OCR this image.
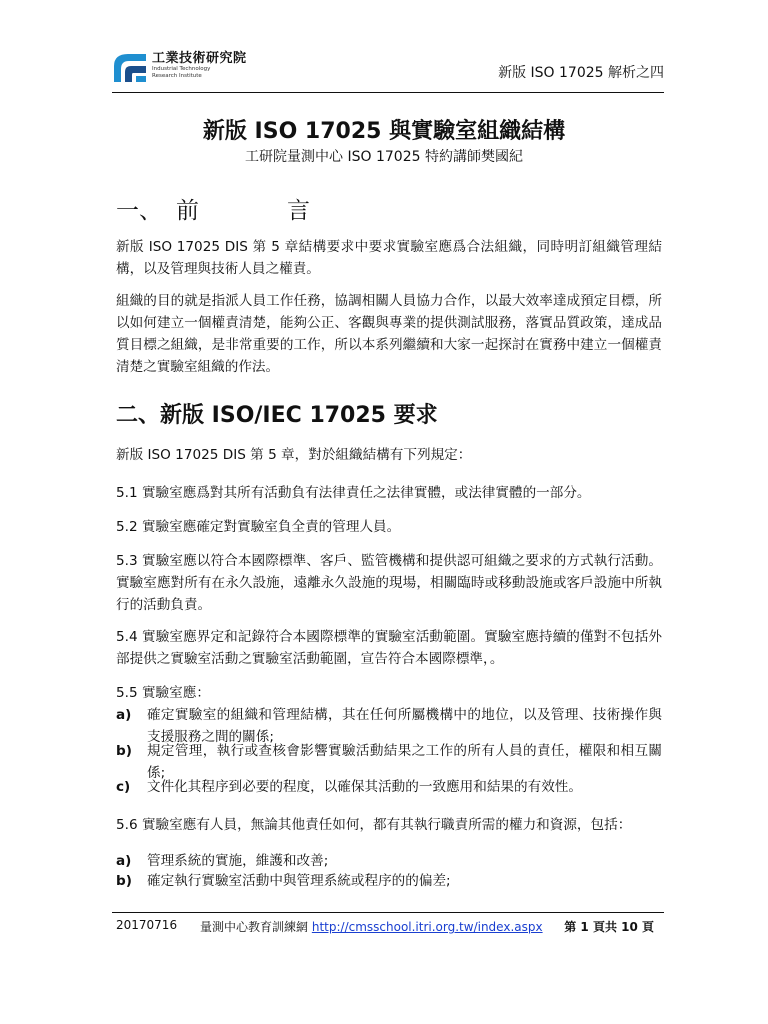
工業技術研究院
Industrial Technology
Research Institute	新版 ISO 17025 解析之四
新版 ISO 17025 與實驗室組織結構
工研院量測中心 ISO 17025 特約講師樊國紀
一、 前	言
新版 ISO 17025 DIS 第 5 章結構要求中要求實驗室應爲合法組織，同時明訂組織管理結構，以及管理與技術人員之權責。
組織的目的就是指派人員工作任務，協調相關人員協力合作，以最大效率達成預定目標，所以如何建立一個權責清楚，能夠公正、客觀與專業的提供測試服務，落實品質政策，達成品質目標之組織，是非常重要的工作，所以本系列繼續和大家一起探討在實務中建立一個權責清楚之實驗室組織的作法。
二、新版 ISO/IEC 17025 要求
新版 ISO 17025 DIS 第 5 章，對於組織結構有下列規定：
5.1 實驗室應爲對其所有活動負有法律責任之法律實體，或法律實體的一部分。
5.2 實驗室應確定對實驗室負全責的管理人員。
5.3 實驗室應以符合本國際標準、客戶、監管機構和提供認可組織之要求的方式執行活動。實驗室應對所有在永久設施，遠離永久設施的現場，相關臨時或移動設施或客戶設施中所執行的活動負責。
5.4 實驗室應界定和記錄符合本國際標準的實驗室活動範圍。實驗室應持續的僅對不包括外部提供之實驗室活動之實驗室活動範圍，宣告符合本國際標準，。
5.5 實驗室應：
a) 確定實驗室的組織和管理結構，其在任何所屬機構中的地位，以及管理、技術操作與支援服務之間的關係;
b) 規定管理，執行或查核會影響實驗活動結果之工作的所有人員的責任，權限和相互關係;
c) 文件化其程序到必要的程度，以確保其活動的一致應用和結果的有效性。
5.6 實驗室應有人員，無論其他責任如何，都有其執行職責所需的權力和資源，包括：
a) 管理系統的實施，維護和改善;
b) 確定執行實驗室活動中與管理系統或程序的的偏差;
20170716 量測中心教育訓練網 http://cmsschool.itri.org.tw/index.aspx 第 1 頁共 10 頁
